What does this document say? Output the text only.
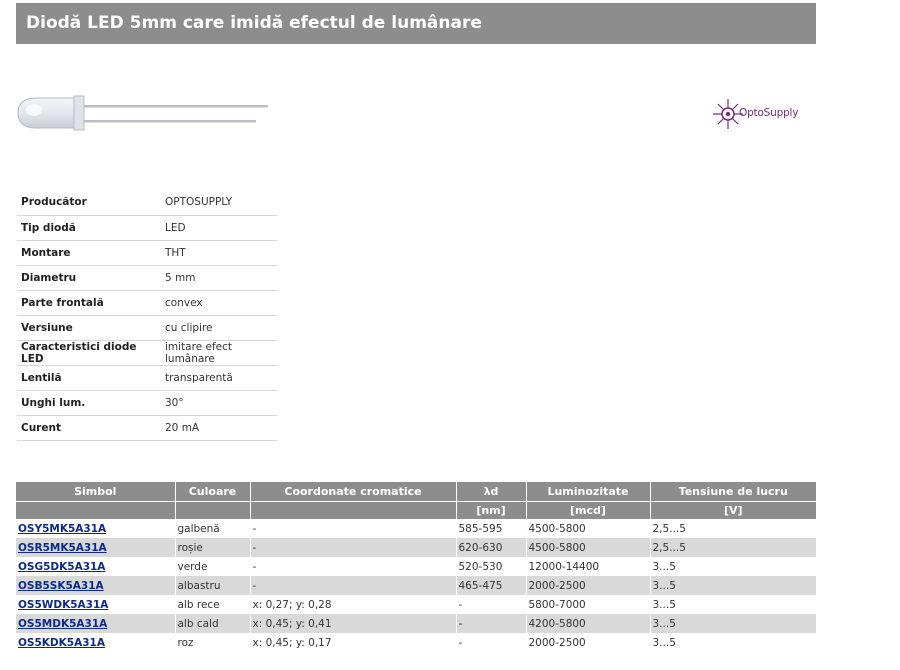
Diodă LED 5mm care imidă efectul de lumânare
OptoSupply
Producător	OPTOSUPPLY
Tip diodă	LED
Montare	THT
Diametru	5 mm
Parte frontală	convex
Versiune	cu clipire
Caracteristici diode LED	imitare efect lumânare
Lentilă	transparentă
Unghi lum.	30°
Curent	20 mA
Simbol	Culoare	Coordonate cromatice	λd	Luminozitate	Tensiune de lucru
			[nm]	[mcd]	[V]
OSY5MK5A31A	galbenă	-	585-595	4500-5800	2,5...5
OSR5MK5A31A	roșie	-	620-630	4500-5800	2,5...5
OSG5DK5A31A	verde	-	520-530	12000-14400	3...5
OSB5SK5A31A	albastru	-	465-475	2000-2500	3...5
OS5WDK5A31A	alb rece	x: 0,27; y: 0,28	-	5800-7000	3...5
OS5MDK5A31A	alb cald	x: 0,45; y: 0,41	-	4200-5800	3...5
OS5KDK5A31A	roz	x: 0,45; y: 0,17	-	2000-2500	3...5
